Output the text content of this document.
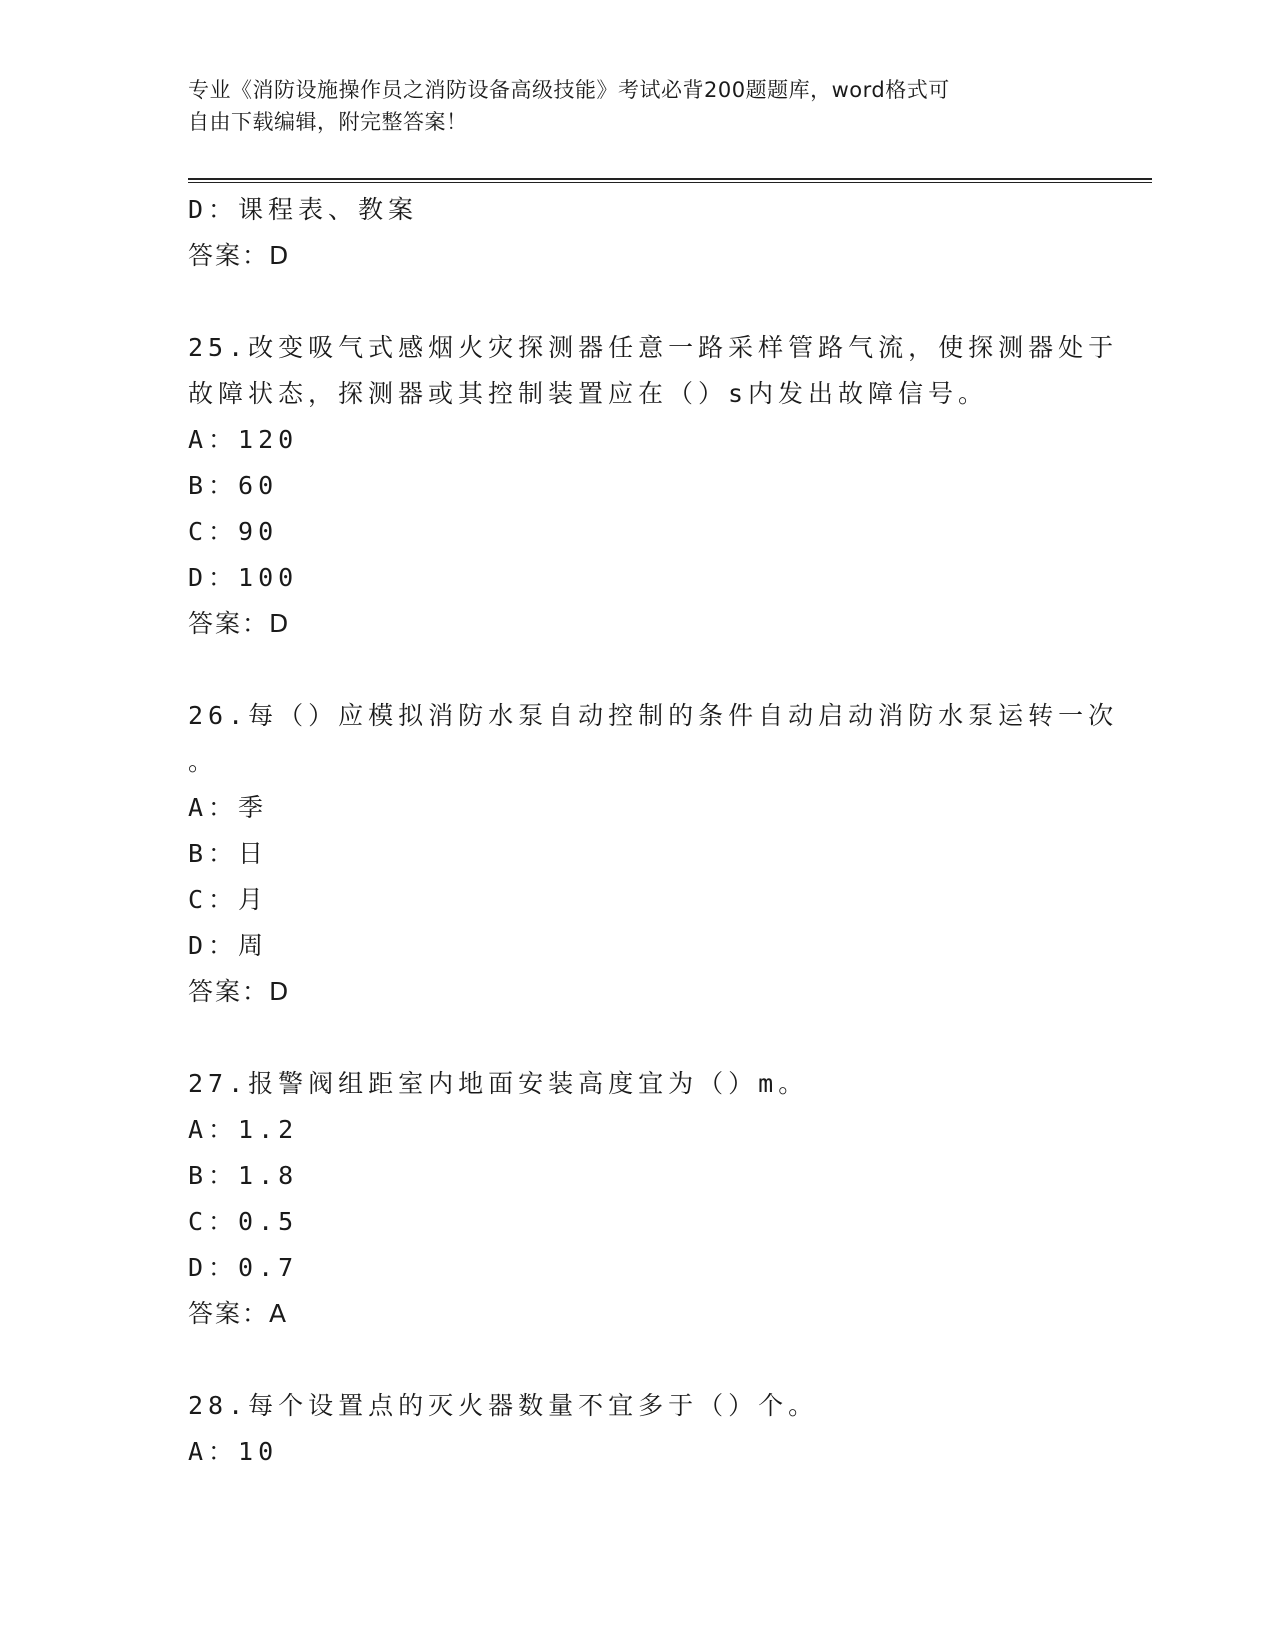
专业《消防设施操作员之消防设备高级技能》考试必背200题题库，word格式可
自由下载编辑，附完整答案！
D：课程表、教案
答案：D
25.改变吸气式感烟火灾探测器任意一路采样管路气流，使探测器处于
故障状态，探测器或其控制装置应在（）s内发出故障信号。
A：120
B：60
C：90
D：100
答案：D
26.每（）应模拟消防水泵自动控制的条件自动启动消防水泵运转一次
。
A：季
B：日
C：月
D：周
答案：D
27.报警阀组距室内地面安装高度宜为（）m。
A：1.2
B：1.8
C：0.5
D：0.7
答案：A
28.每个设置点的灭火器数量不宜多于（）个。
A：10
